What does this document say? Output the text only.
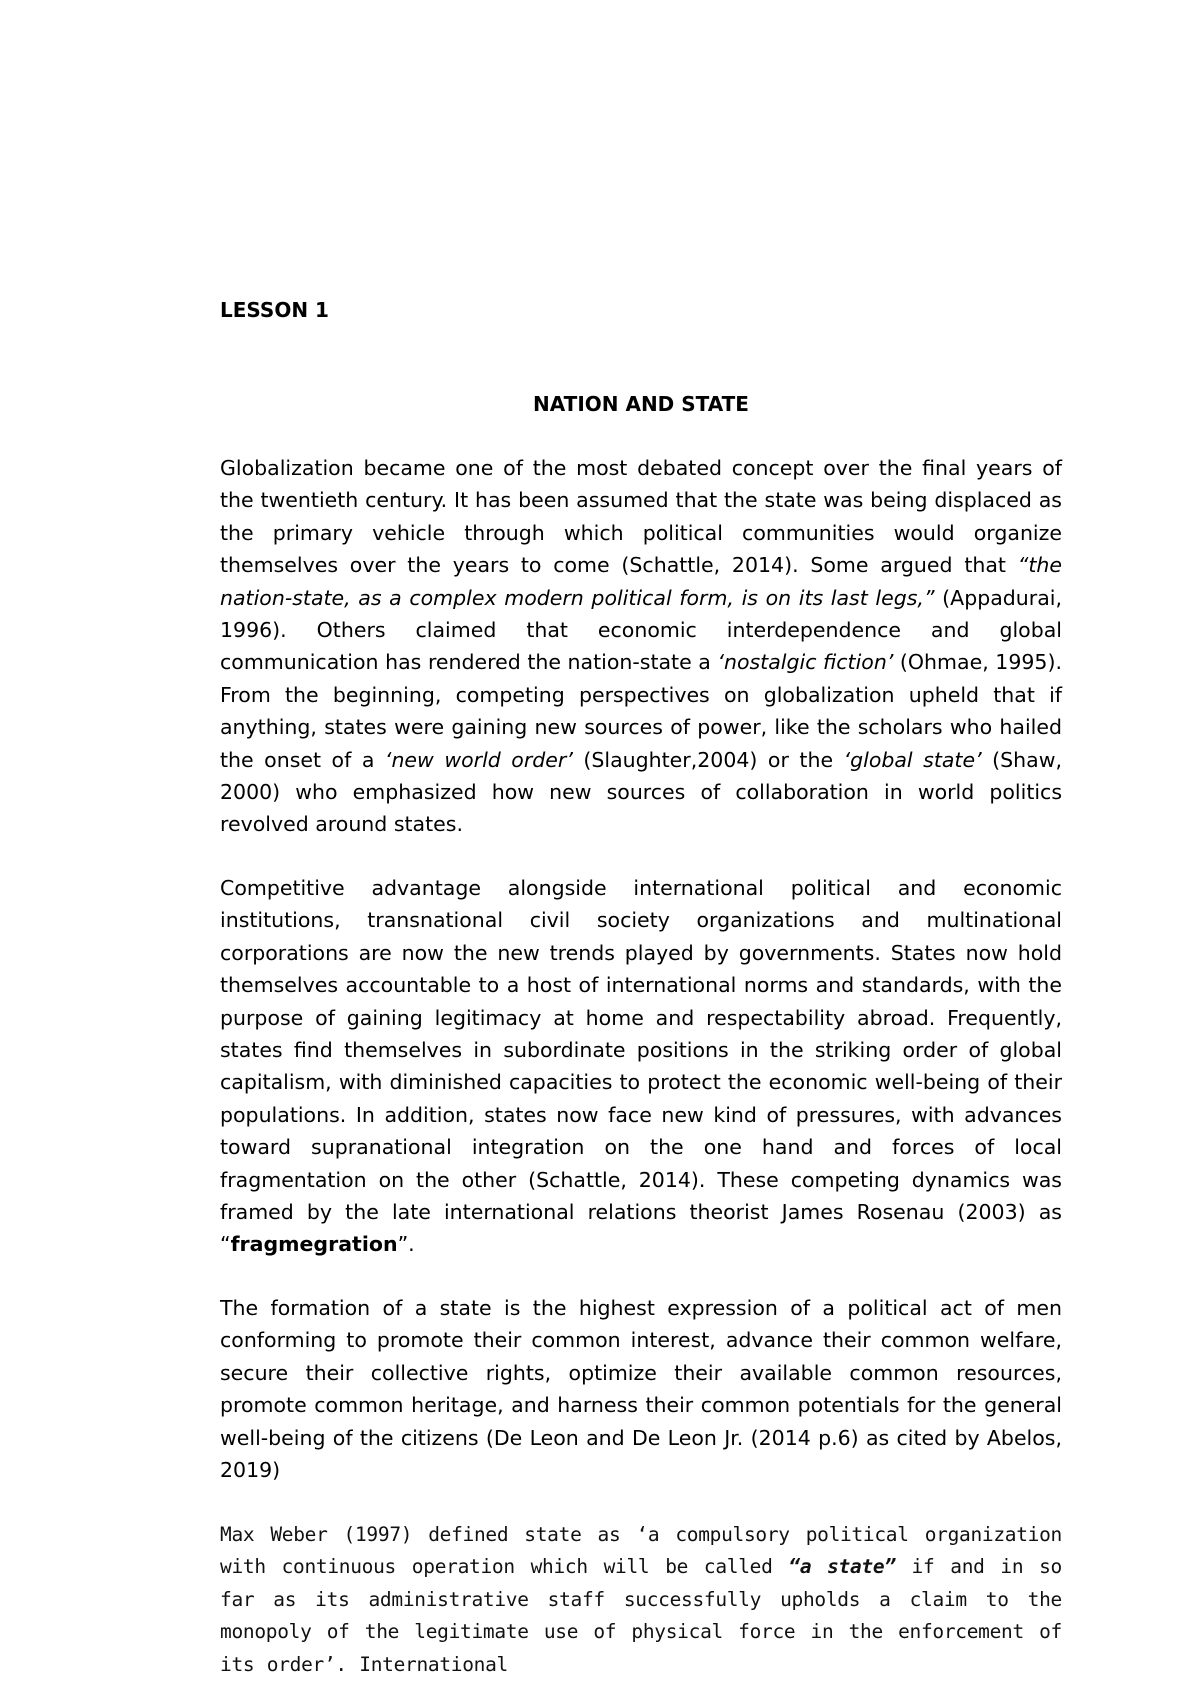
LESSON 1
NATION AND STATE

Globalization became one of the most debated concept over the final years of the twentieth century. It has been assumed that the state was being displaced as the primary vehicle through which political communities would organize themselves over the years to come (Schattle, 2014). Some argued that “the nation-state, as a complex modern political form, is on its last legs,” (Appadurai, 1996). Others claimed that economic interdependence and global communication has rendered the nation-state a ‘nostalgic fiction’ (Ohmae, 1995). From the beginning, competing perspectives on globalization upheld that if anything, states were gaining new sources of power, like the scholars who hailed the onset of a ‘new world order’ (Slaughter,2004) or the ‘global state’ (Shaw, 2000) who emphasized how new sources of collaboration in world politics revolved around states.

Competitive advantage alongside international political and economic institutions, transnational civil society organizations and multinational corporations are now the new trends played by governments. States now hold themselves accountable to a host of international norms and standards, with the purpose of gaining legitimacy at home and respectability abroad. Frequently, states find themselves in subordinate positions in the striking order of global capitalism, with diminished capacities to protect the economic well-being of their populations. In addition, states now face new kind of pressures, with advances toward supranational integration on the one hand and forces of local fragmentation on the other (Schattle, 2014). These competing dynamics was framed by the late international relations theorist James Rosenau (2003) as “fragmegration”.

The formation of a state is the highest expression of a political act of men conforming to promote their common interest, advance their common welfare, secure their collective rights, optimize their available common resources, promote common heritage, and harness their common potentials for the general well-being of the citizens (De Leon and De Leon Jr. (2014 p.6) as cited by Abelos, 2019)

Max Weber (1997) defined state as ‘a compulsory political organization with continuous operation which will be called “a state” if and in so far as its administrative staff successfully upholds a claim to the monopoly of the legitimate use of physical force in the enforcement of its order’. International
